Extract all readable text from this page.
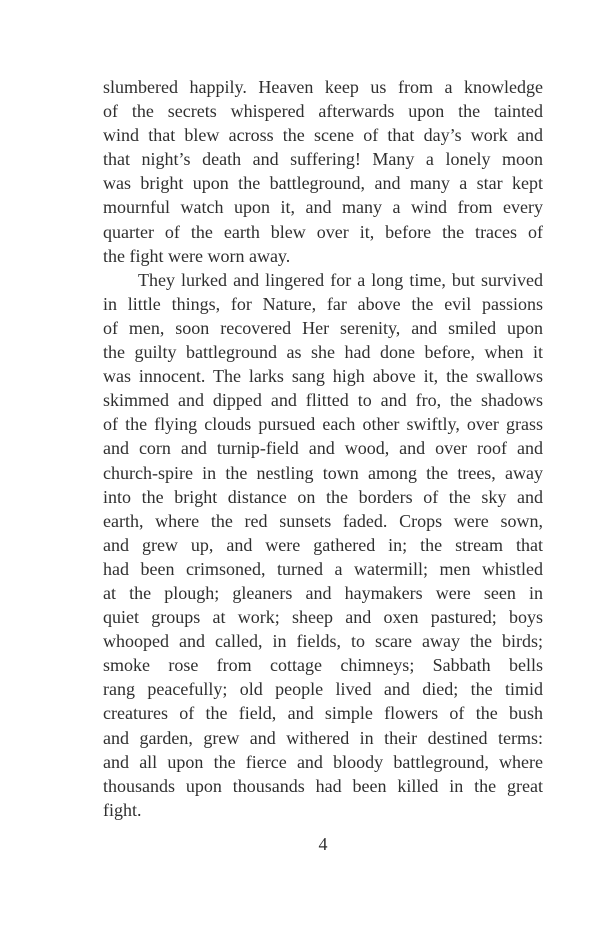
slumbered happily. Heaven keep us from a knowledge
of the secrets whispered afterwards upon the tainted
wind that blew across the scene of that day’s work and
that night’s death and suffering! Many a lonely moon
was bright upon the battleground, and many a star kept
mournful watch upon it, and many a wind from every
quarter of the earth blew over it, before the traces of
the fight were worn away.
They lurked and lingered for a long time, but survived
in little things, for Nature, far above the evil passions
of men, soon recovered Her serenity, and smiled upon
the guilty battleground as she had done before, when it
was innocent. The larks sang high above it, the swallows
skimmed and dipped and flitted to and fro, the shadows
of the flying clouds pursued each other swiftly, over grass
and corn and turnip-field and wood, and over roof and
church-spire in the nestling town among the trees, away
into the bright distance on the borders of the sky and
earth, where the red sunsets faded. Crops were sown,
and grew up, and were gathered in; the stream that
had been crimsoned, turned a watermill; men whistled
at the plough; gleaners and haymakers were seen in
quiet groups at work; sheep and oxen pastured; boys
whooped and called, in fields, to scare away the birds;
smoke rose from cottage chimneys; Sabbath bells
rang peacefully; old people lived and died; the timid
creatures of the field, and simple flowers of the bush
and garden, grew and withered in their destined terms:
and all upon the fierce and bloody battleground, where
thousands upon thousands had been killed in the great
fight.
4
